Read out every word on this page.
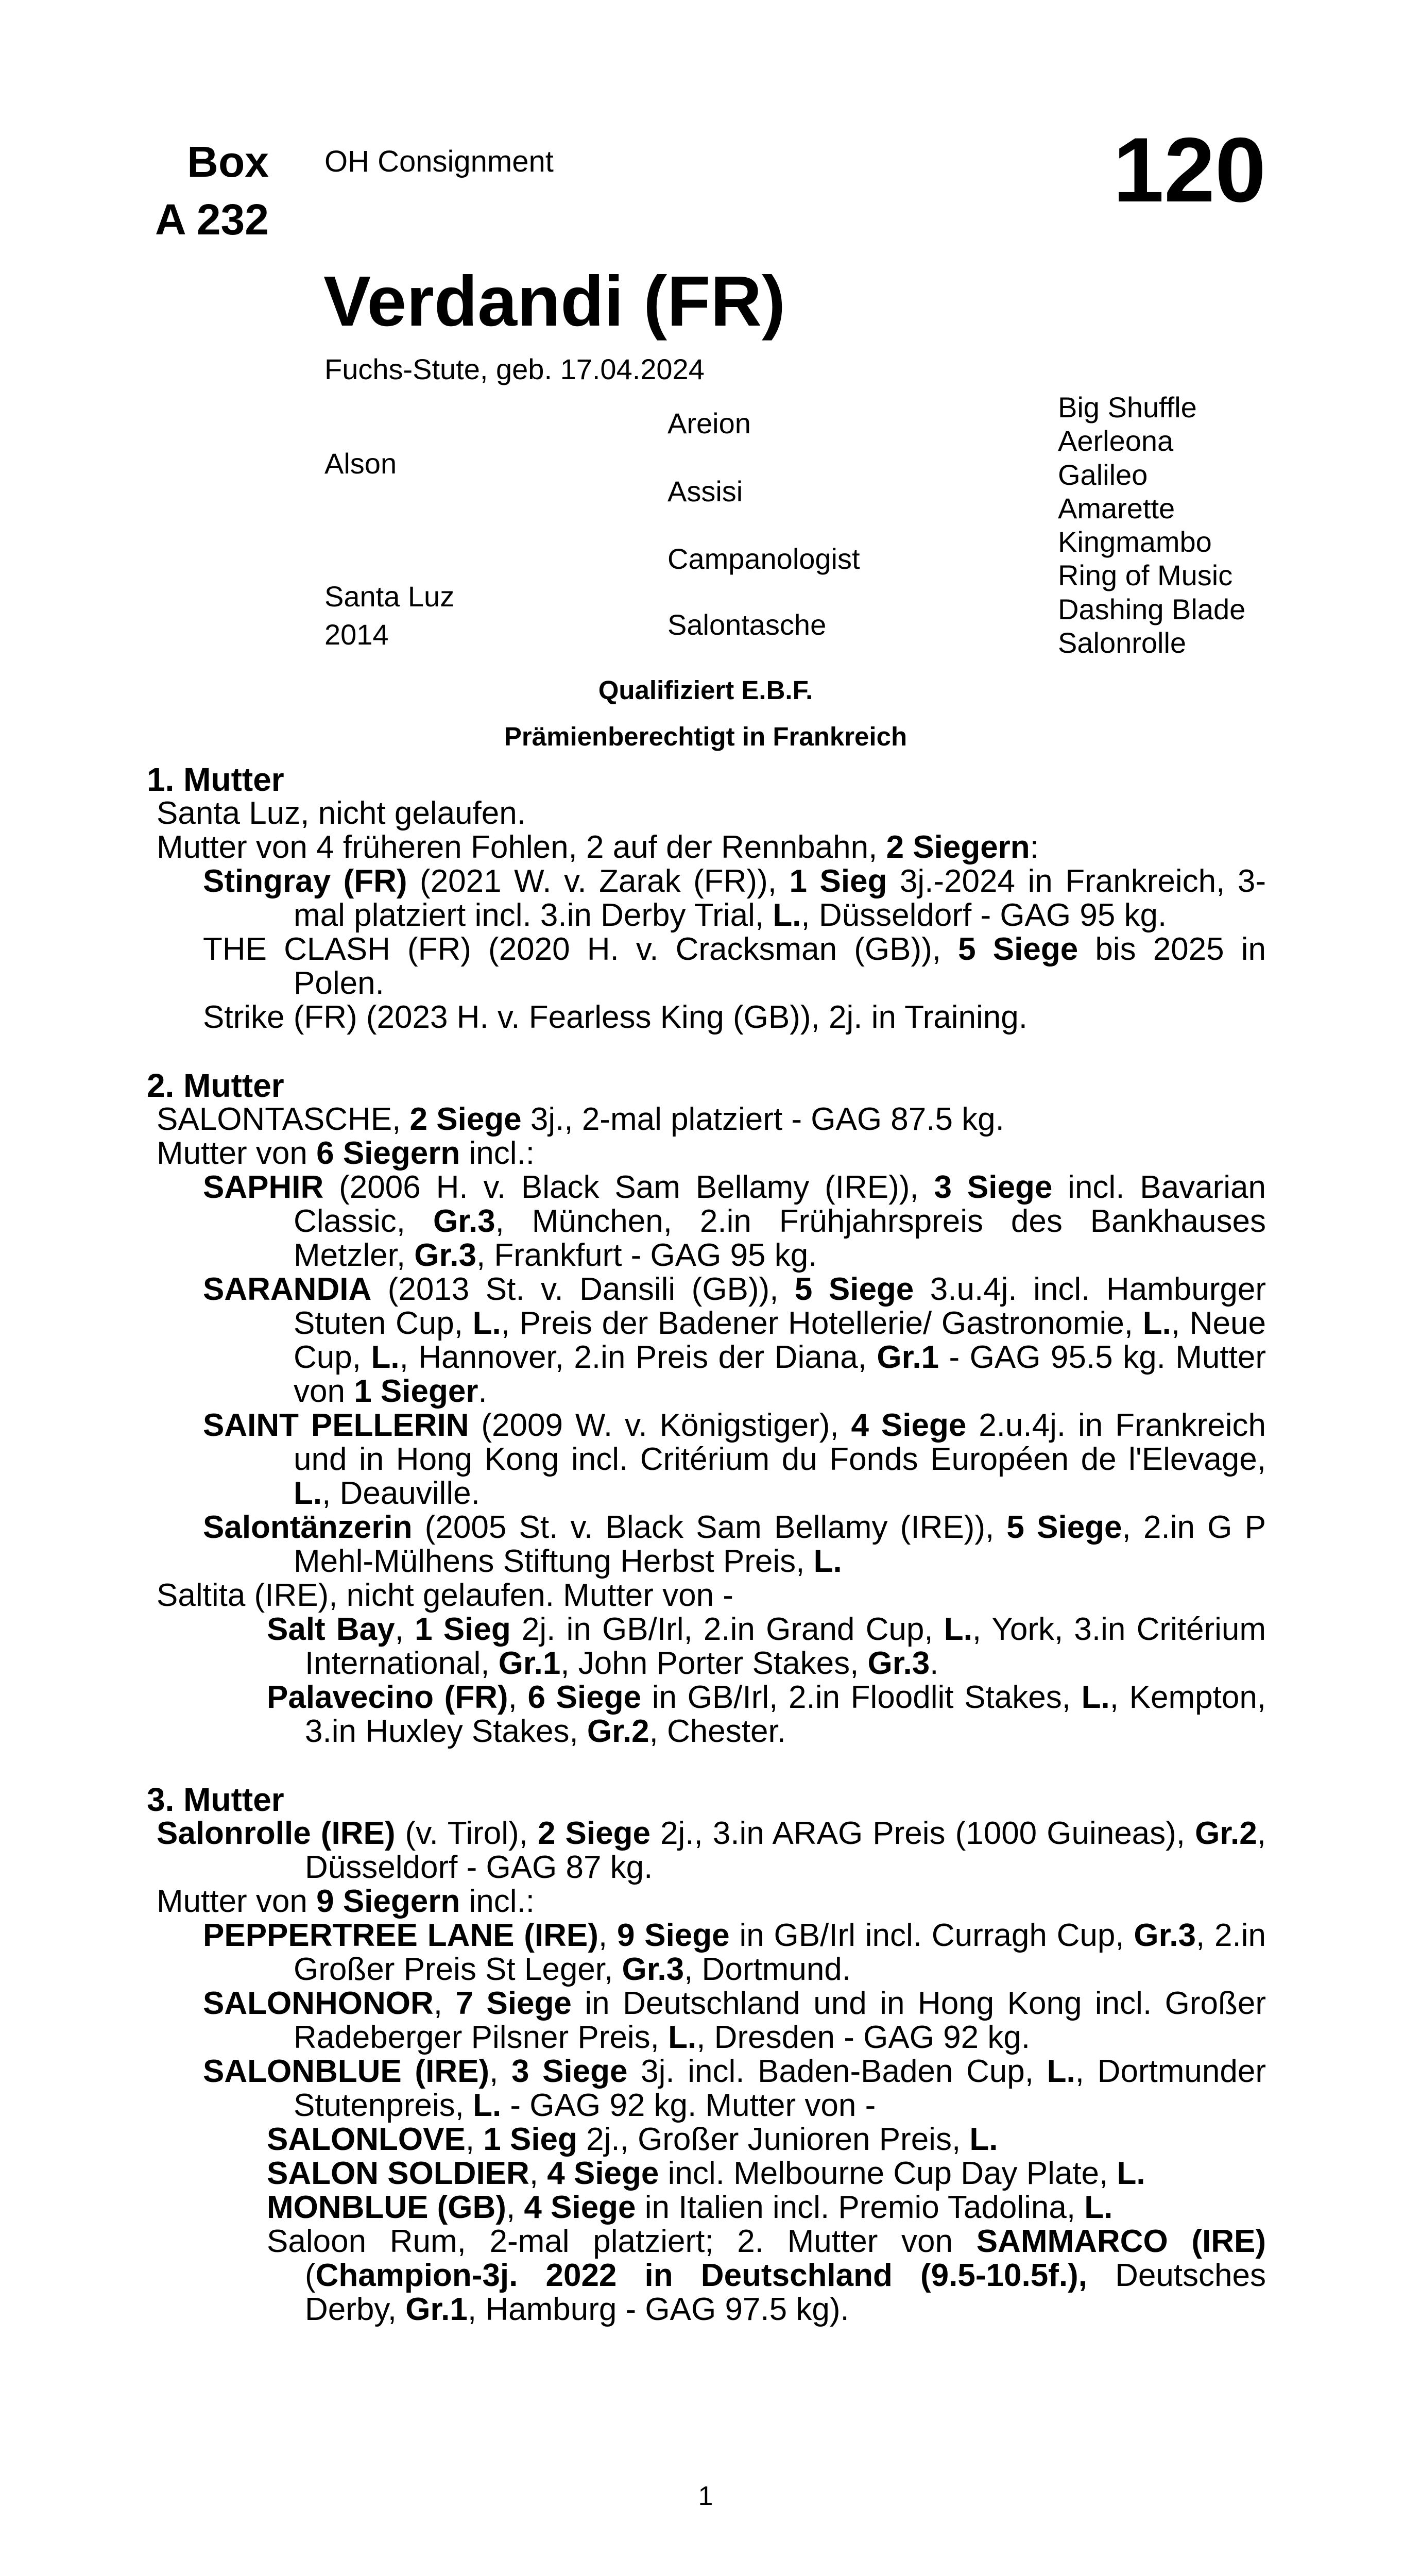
Box
A 232
OH Consignment	120
Verdandi (FR)
Fuchs-Stute, geb. 17.04.2024
Alson
Santa Luz
2014
Areion
Assisi
Campanologist
Salontasche
Big Shuffle
Aerleona
Galileo
Amarette
Kingmambo
Ring of Music
Dashing Blade
Salonrolle
Qualifiziert E.B.F.
Prämienberechtigt in Frankreich
1. Mutter
Santa Luz, nicht gelaufen.
Mutter von 4 früheren Fohlen, 2 auf der Rennbahn, 2 Siegern:
Stingray (FR) (2021 W. v. Zarak (FR)), 1 Sieg 3j.-2024 in Frankreich, 3-mal platziert incl. 3.in Derby Trial, L., Düsseldorf - GAG 95 kg.
THE CLASH (FR) (2020 H. v. Cracksman (GB)), 5 Siege bis 2025 in Polen.
Strike (FR) (2023 H. v. Fearless King (GB)), 2j. in Training.
2. Mutter
SALONTASCHE, 2 Siege 3j., 2-mal platziert - GAG 87.5 kg.
Mutter von 6 Siegern incl.:
SAPHIR (2006 H. v. Black Sam Bellamy (IRE)), 3 Siege incl. Bavarian Classic, Gr.3, München, 2.in Frühjahrspreis des Bankhauses Metzler, Gr.3, Frankfurt - GAG 95 kg.
SARANDIA (2013 St. v. Dansili (GB)), 5 Siege 3.u.4j. incl. Hamburger Stuten Cup, L., Preis der Badener Hotellerie/ Gastronomie, L., Neue Cup, L., Hannover, 2.in Preis der Diana, Gr.1 - GAG 95.5 kg. Mutter von 1 Sieger.
SAINT PELLERIN (2009 W. v. Königstiger), 4 Siege 2.u.4j. in Frankreich und in Hong Kong incl. Critérium du Fonds Européen de l'Elevage, L., Deauville.
Salontänzerin (2005 St. v. Black Sam Bellamy (IRE)), 5 Siege, 2.in G P Mehl-Mülhens Stiftung Herbst Preis, L.
Saltita (IRE), nicht gelaufen. Mutter von -
Salt Bay, 1 Sieg 2j. in GB/Irl, 2.in Grand Cup, L., York, 3.in Critérium International, Gr.1, John Porter Stakes, Gr.3.
Palavecino (FR), 6 Siege in GB/Irl, 2.in Floodlit Stakes, L., Kempton, 3.in Huxley Stakes, Gr.2, Chester.
3. Mutter
Salonrolle (IRE) (v. Tirol), 2 Siege 2j., 3.in ARAG Preis (1000 Guineas), Gr.2, Düsseldorf - GAG 87 kg.
Mutter von 9 Siegern incl.:
PEPPERTREE LANE (IRE), 9 Siege in GB/Irl incl. Curragh Cup, Gr.3, 2.in Großer Preis St Leger, Gr.3, Dortmund.
SALONHONOR, 7 Siege in Deutschland und in Hong Kong incl. Großer Radeberger Pilsner Preis, L., Dresden - GAG 92 kg.
SALONBLUE (IRE), 3 Siege 3j. incl. Baden-Baden Cup, L., Dortmunder Stutenpreis, L. - GAG 92 kg. Mutter von -
SALONLOVE, 1 Sieg 2j., Großer Junioren Preis, L.
SALON SOLDIER, 4 Siege incl. Melbourne Cup Day Plate, L.
MONBLUE (GB), 4 Siege in Italien incl. Premio Tadolina, L.
Saloon Rum, 2-mal platziert; 2. Mutter von SAMMARCO (IRE) (Champion-3j. 2022 in Deutschland (9.5-10.5f.), Deutsches Derby, Gr.1, Hamburg - GAG 97.5 kg).
1
